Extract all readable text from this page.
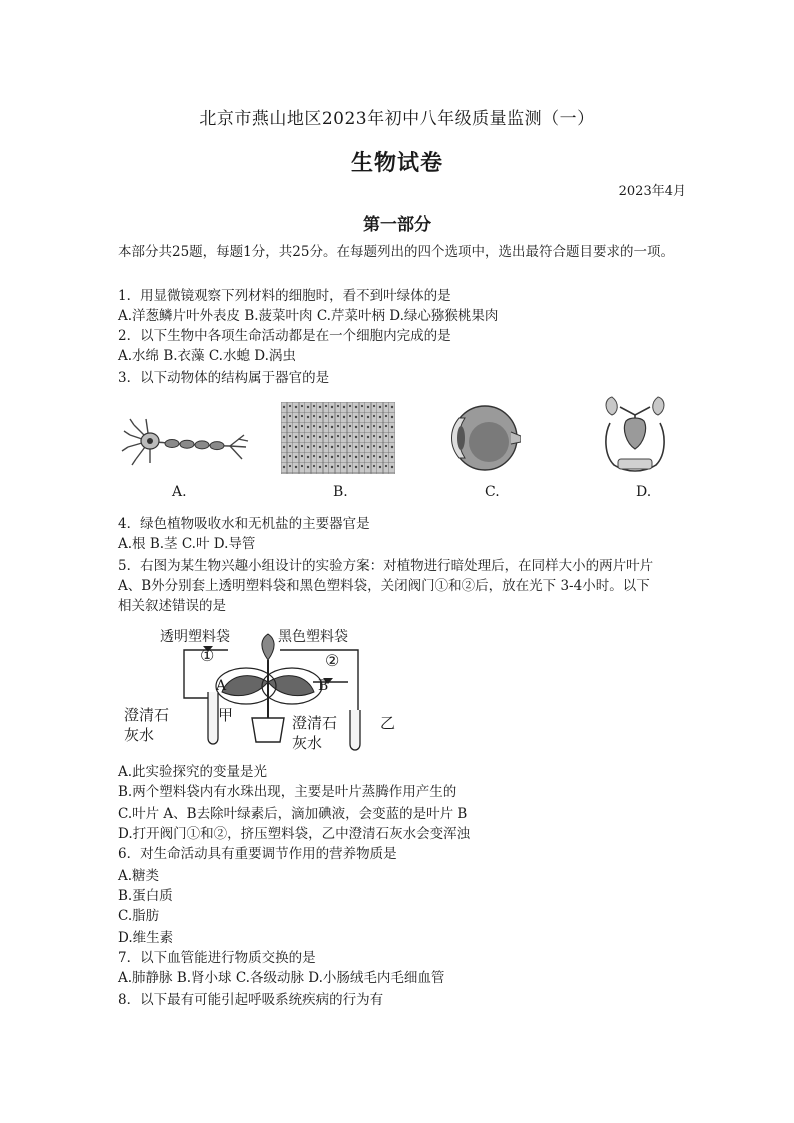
北京市燕山地区2023年初中八年级质量监测（一）
生物试卷
2023年4月
第一部分
本部分共25题，每题1分，共25分。在每题列出的四个选项中，选出最符合题目要求的一项。
1．用显微镜观察下列材料的细胞时，看不到叶绿体的是
A.洋葱鳞片叶外表皮 B.菠菜叶肉 C.芹菜叶柄 D.绿心猕猴桃果肉
2．以下生物中各项生命活动都是在一个细胞内完成的是
A.水绵 B.衣藻 C.水螅 D.涡虫
3．以下动物体的结构属于器官的是
A.	B.	C.	D.
4．绿色植物吸收水和无机盐的主要器官是
A.根 B.茎 C.叶 D.导管
5．右图为某生物兴趣小组设计的实验方案：对植物进行暗处理后，在同样大小的两片叶片
A、B外分别套上透明塑料袋和黑色塑料袋，关闭阀门①和②后，放在光下 3-4小时。以下
相关叙述错误的是
透明塑料袋	黑色塑料袋
①	②
A	B
澄清石
灰水
甲	澄清石
灰水
乙
A.此实验探究的变量是光
B.两个塑料袋内有水珠出现，主要是叶片蒸腾作用产生的
C.叶片 A、B去除叶绿素后，滴加碘液，会变蓝的是叶片 B
D.打开阀门①和②，挤压塑料袋，乙中澄清石灰水会变浑浊
6．对生命活动具有重要调节作用的营养物质是
A.糖类
B.蛋白质
C.脂肪
D.维生素
7．以下血管能进行物质交换的是
A.肺静脉 B.肾小球 C.各级动脉 D.小肠绒毛内毛细血管
8．以下最有可能引起呼吸系统疾病的行为有
